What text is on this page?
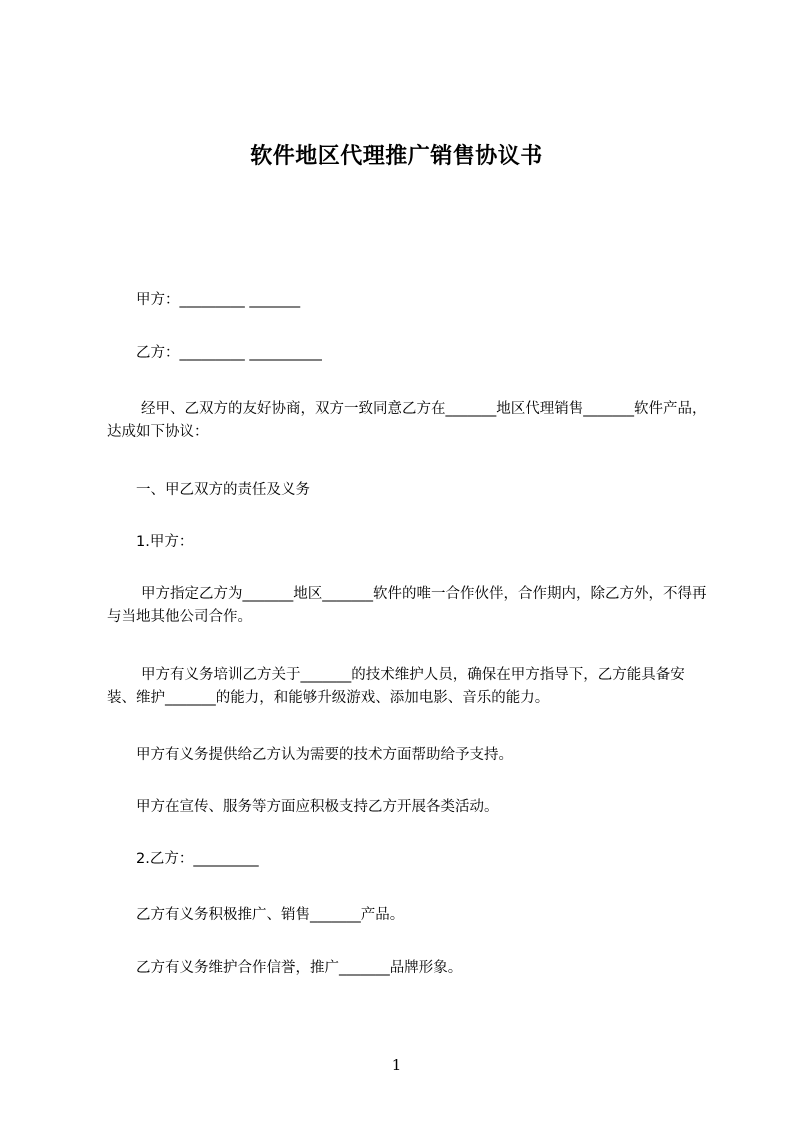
软件地区代理推广销售协议书

甲方：_________ _______

乙方：_________ __________

经甲、乙双方的友好协商，双方一致同意乙方在_______地区代理销售_______软件产品，达成如下协议：

一、甲乙双方的责任及义务

1.甲方：

甲方指定乙方为_______地区_______软件的唯一合作伙伴，合作期内，除乙方外，不得再与当地其他公司合作。

甲方有义务培训乙方关于_______的技术维护人员，确保在甲方指导下，乙方能具备安装、维护_______的能力，和能够升级游戏、添加电影、音乐的能力。

甲方有义务提供给乙方认为需要的技术方面帮助给予支持。

甲方在宣传、服务等方面应积极支持乙方开展各类活动。

2.乙方：_________

乙方有义务积极推广、销售_______产品。

乙方有义务维护合作信誉，推广_______品牌形象。

1
